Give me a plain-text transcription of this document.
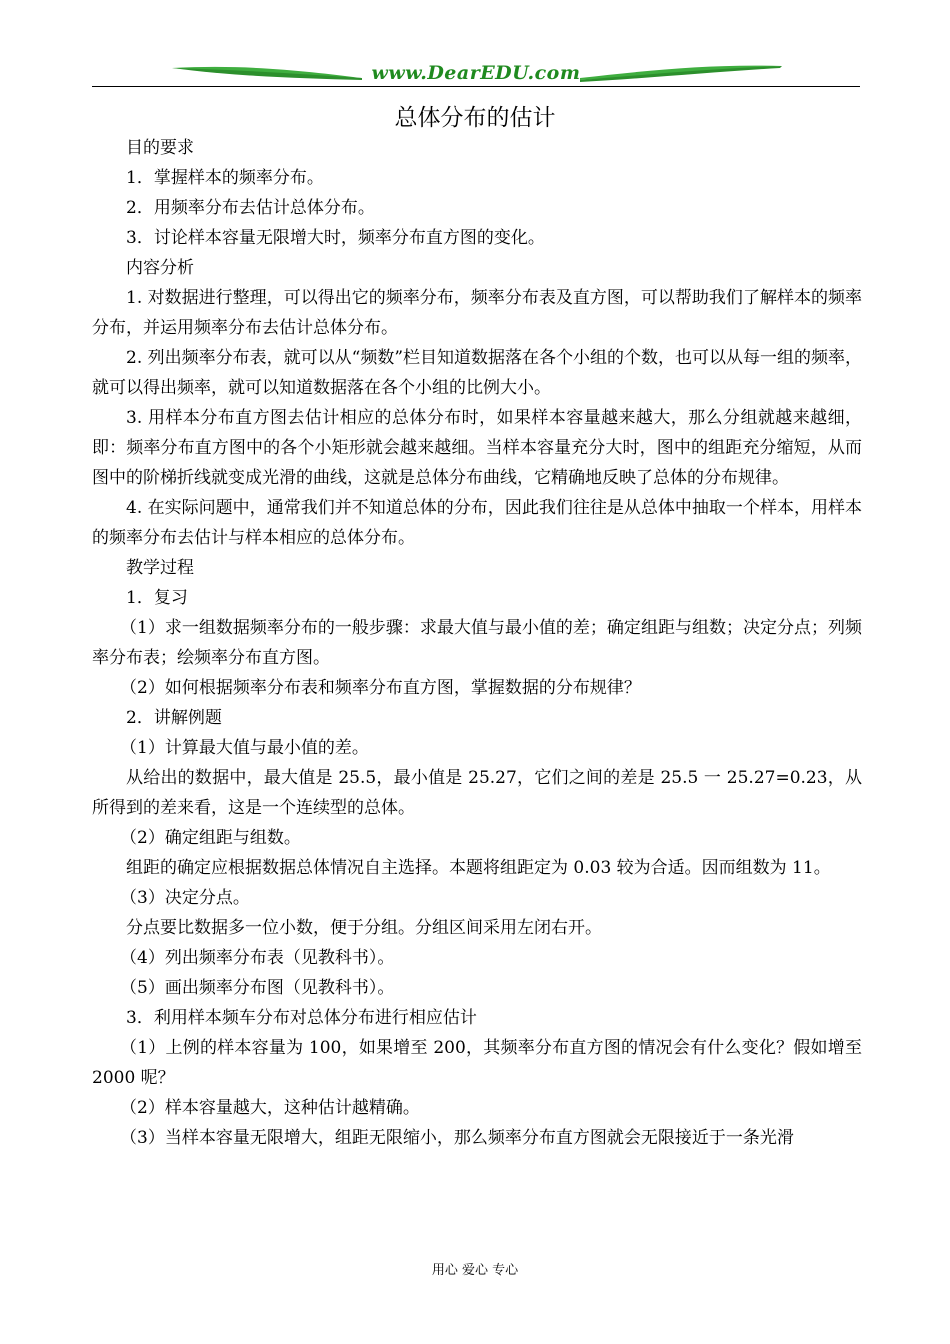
www.DearEDU.com
总体分布的估计

目的要求

1．掌握样本的频率分布。

2．用频率分布去估计总体分布。

3．讨论样本容量无限增大时，频率分布直方图的变化。

内容分析

1. 对数据进行整理，可以得出它的频率分布，频率分布表及直方图，可以帮助我们了解样本的频率分布，并运用频率分布去估计总体分布。

2. 列出频率分布表，就可以从“频数”栏目知道数据落在各个小组的个数，也可以从每一组的频率，就可以得出频率，就可以知道数据落在各个小组的比例大小。

3. 用样本分布直方图去估计相应的总体分布时，如果样本容量越来越大，那么分组就越来越细，即：频率分布直方图中的各个小矩形就会越来越细。当样本容量充分大时，图中的组距充分缩短，从而图中的阶梯折线就变成光滑的曲线，这就是总体分布曲线，它精确地反映了总体的分布规律。

4. 在实际问题中，通常我们并不知道总体的分布，因此我们往往是从总体中抽取一个样本，用样本的频率分布去估计与样本相应的总体分布。

教学过程

1．复习

（1）求一组数据频率分布的一般步骤：求最大值与最小值的差；确定组距与组数；决定分点；列频率分布表；绘频率分布直方图。

（2）如何根据频率分布表和频率分布直方图，掌握数据的分布规律？

2．讲解例题

（1）计算最大值与最小值的差。

从给出的数据中，最大值是 25.5，最小值是 25.27，它们之间的差是 25.5 一 25.27=0.23，从所得到的差来看，这是一个连续型的总体。

（2）确定组距与组数。

组距的确定应根据数据总体情况自主选择。本题将组距定为 0.03 较为合适。因而组数为 11。

（3）决定分点。

分点要比数据多一位小数，便于分组。分组区间采用左闭右开。

（4）列出频率分布表（见教科书）。

（5）画出频率分布图（见教科书）。

3．利用样本频车分布对总体分布进行相应估计

（1）上例的样本容量为 100，如果增至 200，其频率分布直方图的情况会有什么变化？假如增至 2000 呢？

（2）样本容量越大，这种估计越精确。

（3）当样本容量无限增大，组距无限缩小，那么频率分布直方图就会无限接近于一条光滑

用心 爱心 专心
